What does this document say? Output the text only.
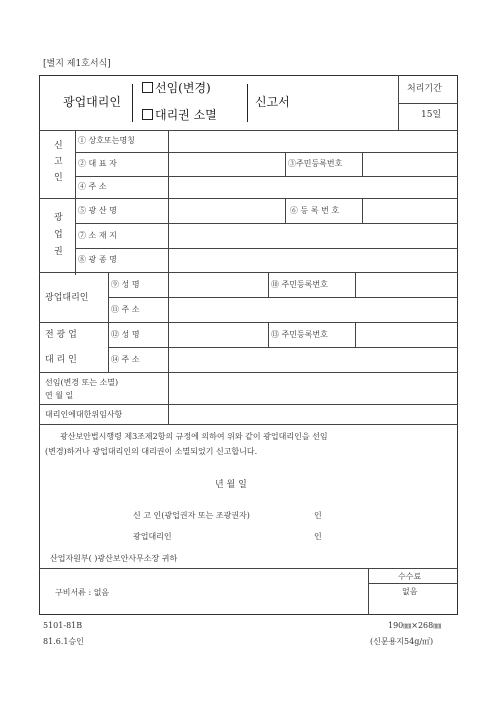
[별지 제1호서식]
처리기간
15일
광업대리인
선임(변경)
대리권 소멸
신고서
신
고
인
① 상호또는명칭
② 대 표 자	③주민등록번호
④ 주 소
광
업
권
⑤ 광 산 명	⑥ 등 록 번 호
⑦ 소 재 지
⑧ 광 종 명
광업대리인
⑨ 성 명	⑩ 주민등록번호
⑪ 주 소
전 광 업
대 리 인
⑫ 성 명	⑬ 주민등록번호
⑭ 주 소
선임(변경 또는 소멸)
연 월 일
대리인에대한위임사항
광산보안법시행령 제3조제2항의 규정에 의하여 위와 같이 광업대리인을 선임
(변경)하거나 광업대리인의 대리권이 소멸되었기 신고합니다.
년 월 일
신 고 인(광업권자 또는 조광권자)	인
광업대리인	인
산업자원부( )광산보안사무소장 귀하
구비서류 : 없음
수수료
없음
5101-81B
81.6.1승인
190㎜×268㎜
(신문용지54g/㎡)
